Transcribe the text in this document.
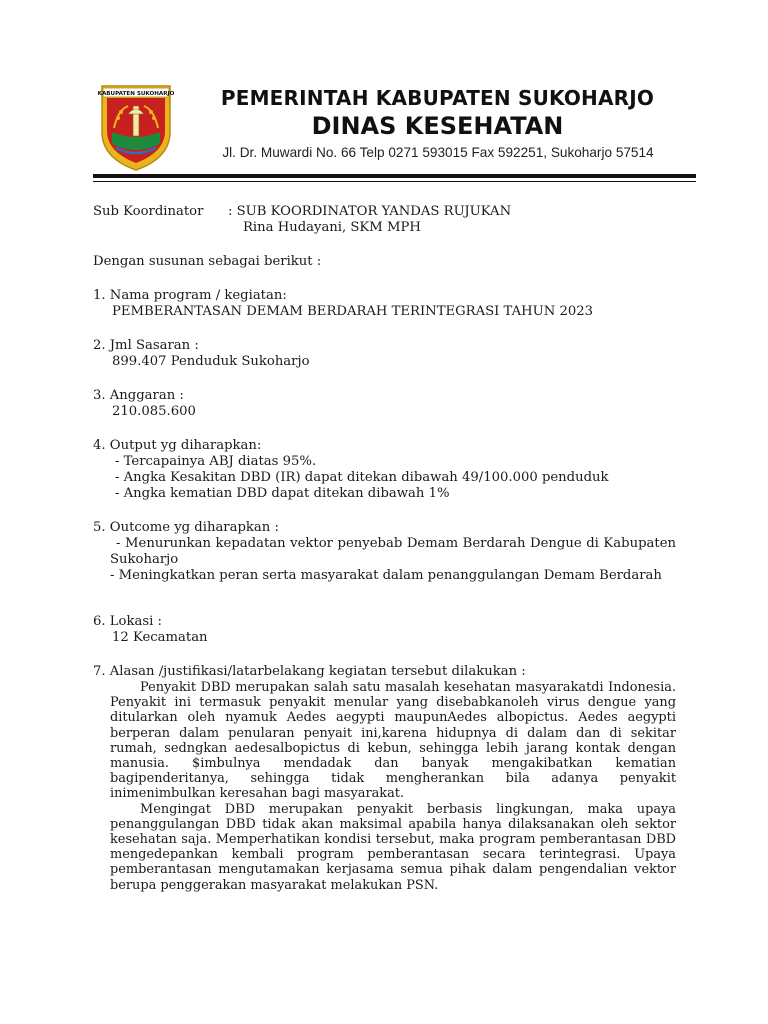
KABUPATEN SUKOHARJO	PEMERINTAH KABUPATEN SUKOHARJO
DINAS KESEHATAN
Jl. Dr. Muwardi No. 66 Telp 0271 593015 Fax 592251, Sukoharjo 57514
Sub Koordinator	: SUB KOORDINATOR YANDAS RUJUKAN
Rina Hudayani, SKM MPH
Dengan susunan sebagai berikut :
1. Nama program / kegiatan:
PEMBERANTASAN DEMAM BERDARAH TERINTEGRASI TAHUN 2023
2. Jml Sasaran :
899.407 Penduduk Sukoharjo
3. Anggaran :
210.085.600
4. Output yg diharapkan:
- Tercapainya ABJ diatas 95%.
- Angka Kesakitan DBD (IR) dapat ditekan dibawah 49/100.000 penduduk
- Angka kematian DBD dapat ditekan dibawah 1%
5. Outcome yg diharapkan :
- Menurunkan kepadatan vektor penyebab Demam Berdarah Dengue di Kabupaten Sukoharjo
- Meningkatkan peran serta masyarakat dalam penanggulangan Demam Berdarah
6. Lokasi :
12 Kecamatan
7. Alasan /justifikasi/latarbelakang kegiatan tersebut dilakukan :
Penyakit DBD merupakan salah satu masalah kesehatan masyarakatdi Indonesia. Penyakit ini termasuk penyakit menular yang disebabkanoleh virus dengue yang ditularkan oleh nyamuk Aedes aegypti maupunAedes albopictus. Aedes aegypti berperan dalam penularan penyait ini,karena hidupnya di dalam dan di sekitar rumah, sedngkan aedesalbopictus di kebun, sehingga lebih jarang kontak dengan manusia. $imbulnya mendadak dan banyak mengakibatkan kematian bagipenderitanya, sehingga tidak mengherankan bila adanya penyakit inimenimbulkan keresahan bagi masyarakat.
Mengingat DBD merupakan penyakit berbasis lingkungan, maka upaya penanggulangan DBD tidak akan maksimal apabila hanya dilaksanakan oleh sektor kesehatan saja. Memperhatikan kondisi tersebut, maka program pemberantasan DBD mengedepankan kembali program pemberantasan secara terintegrasi. Upaya pemberantasan mengutamakan kerjasama semua pihak dalam pengendalian vektor berupa penggerakan masyarakat melakukan PSN.
